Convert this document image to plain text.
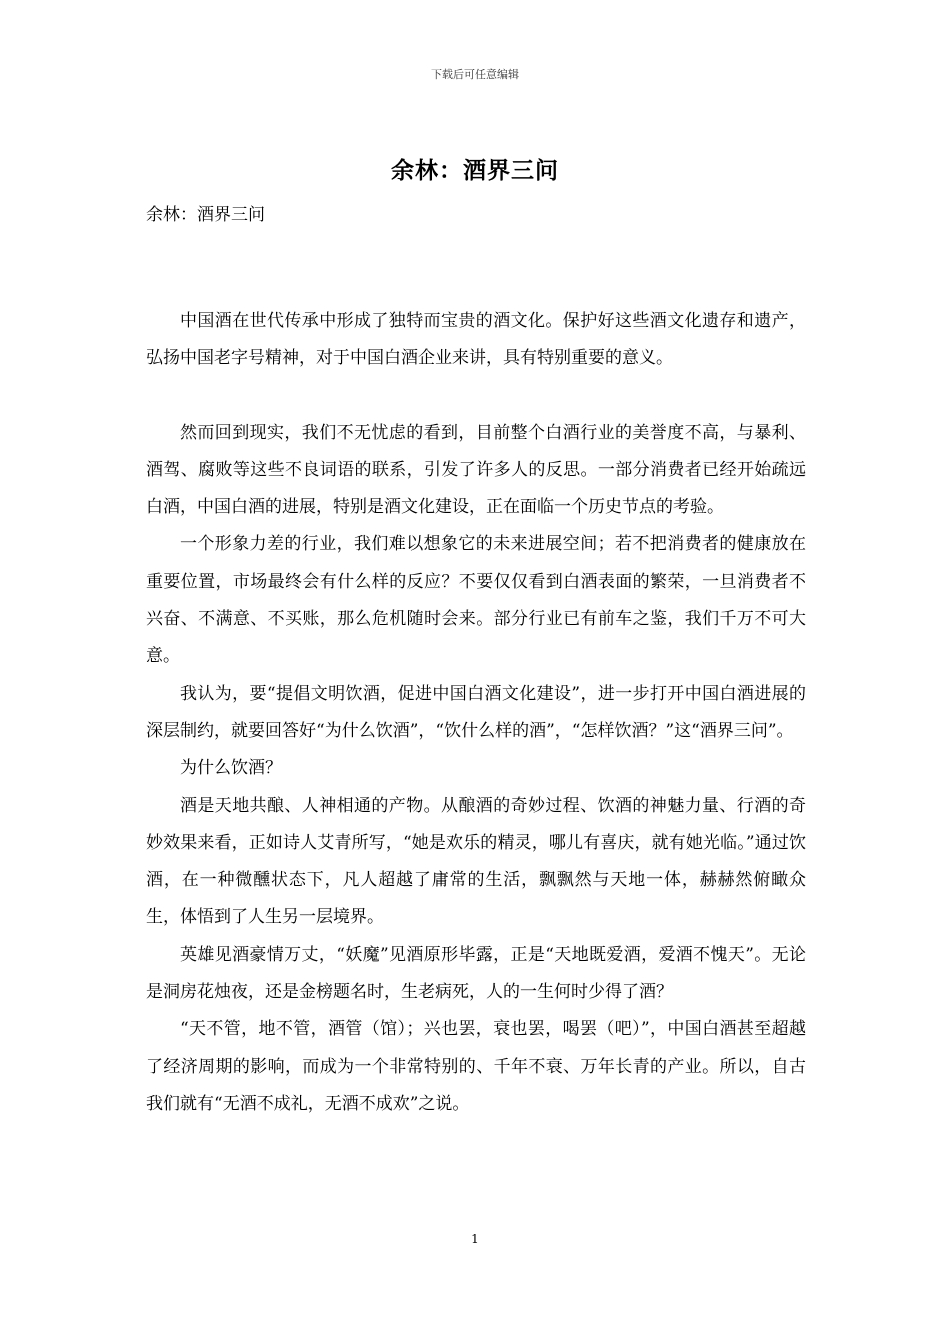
下载后可任意编辑
余林：酒界三问
余林：酒界三问

中国酒在世代传承中形成了独特而宝贵的酒文化。保护好这些酒文化遗存和遗产，弘扬中国老字号精神，对于中国白酒企业来讲，具有特别重要的意义。

然而回到现实，我们不无忧虑的看到，目前整个白酒行业的美誉度不高，与暴利、酒驾、腐败等这些不良词语的联系，引发了许多人的反思。一部分消费者已经开始疏远白酒，中国白酒的进展，特别是酒文化建设，正在面临一个历史节点的考验。

一个形象力差的行业，我们难以想象它的未来进展空间；若不把消费者的健康放在重要位置，市场最终会有什么样的反应？不要仅仅看到白酒表面的繁荣，一旦消费者不兴奋、不满意、不买账，那么危机随时会来。部分行业已有前车之鉴，我们千万不可大意。

我认为，要“提倡文明饮酒，促进中国白酒文化建设”，进一步打开中国白酒进展的深层制约，就要回答好“为什么饮酒”，“饮什么样的酒”，“怎样饮酒？”这“酒界三问”。

为什么饮酒？

酒是天地共酿、人神相通的产物。从酿酒的奇妙过程、饮酒的神魅力量、行酒的奇妙效果来看，正如诗人艾青所写，“她是欢乐的精灵，哪儿有喜庆，就有她光临。”通过饮酒，在一种微醺状态下，凡人超越了庸常的生活，飘飘然与天地一体，赫赫然俯瞰众生，体悟到了人生另一层境界。

英雄见酒豪情万丈，“妖魔”见酒原形毕露，正是“天地既爱酒，爱酒不愧天”。无论是洞房花烛夜，还是金榜题名时，生老病死，人的一生何时少得了酒？

“天不管，地不管，酒管（馆）；兴也罢，衰也罢，喝罢（吧）”，中国白酒甚至超越了经济周期的影响，而成为一个非常特别的、千年不衰、万年长青的产业。所以，自古我们就有“无酒不成礼，无酒不成欢”之说。

1
